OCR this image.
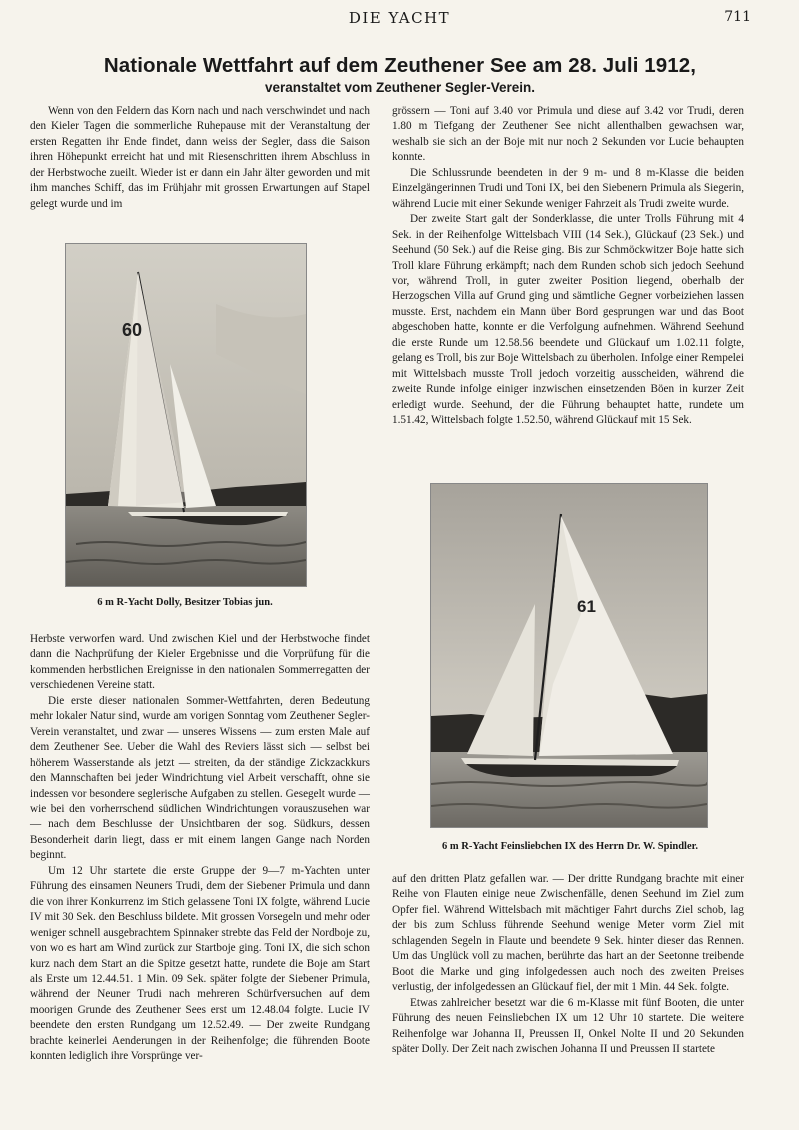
DIE YACHT	711
Nationale Wettfahrt auf dem Zeuthener See am 28. Juli 1912,
veranstaltet vom Zeuthener Segler-Verein.

Wenn von den Feldern das Korn nach und nach verschwindet und nach den Kieler Tagen die sommerliche Ruhepause mit der Veranstaltung der ersten Regatten ihr Ende findet, dann weiss der Segler, dass die Saison ihren Höhepunkt erreicht hat und mit Riesenschritten ihrem Abschluss in der Herbstwoche zueilt. Wieder ist er dann ein Jahr älter geworden und mit ihm manches Schiff, das im Frühjahr mit grossen Erwartungen auf Stapel gelegt wurde und im

60
6 m R-Yacht Dolly, Besitzer Tobias jun.

Herbste verworfen ward. Und zwischen Kiel und der Herbstwoche findet dann die Nachprüfung der Kieler Ergebnisse und die Vorprüfung für die kommenden herbstlichen Ereignisse in den nationalen Sommerregatten der verschiedenen Vereine statt.

Die erste dieser nationalen Sommer-Wettfahrten, deren Bedeutung mehr lokaler Natur sind, wurde am vorigen Sonntag vom Zeuthener Segler-Verein veranstaltet, und zwar — unseres Wissens — zum ersten Male auf dem Zeuthener See. Ueber die Wahl des Reviers lässt sich — selbst bei höherem Wasserstande als jetzt — streiten, da der ständige Zickzackkurs den Mannschaften bei jeder Windrichtung viel Arbeit verschafft, ohne sie indessen vor besondere seglerische Aufgaben zu stellen. Gesegelt wurde — wie bei den vorherrschend südlichen Windrichtungen vorauszusehen war — nach dem Beschlusse der Unsichtbaren der sog. Südkurs, dessen Besonderheit darin liegt, dass er mit einem langen Gange nach Norden beginnt.

Um 12 Uhr startete die erste Gruppe der 9—7 m-Yachten unter Führung des einsamen Neuners Trudi, dem der Siebener Primula und dann die von ihrer Konkurrenz im Stich gelassene Toni IX folgte, während Lucie IV mit 30 Sek. den Beschluss bildete. Mit grossen Vorsegeln und mehr oder weniger schnell ausgebrachtem Spinnaker strebte das Feld der Nordboje zu, von wo es hart am Wind zurück zur Startboje ging. Toni IX, die sich schon kurz nach dem Start an die Spitze gesetzt hatte, rundete die Boje am Start als Erste um 12.44.51. 1 Min. 09 Sek. später folgte der Siebener Primula, während der Neuner Trudi nach mehreren Schürfversuchen auf dem moorigen Grunde des Zeuthener Sees erst um 12.48.04 folgte. Lucie IV beendete den ersten Rundgang um 12.52.49. — Der zweite Rundgang brachte keinerlei Aenderungen in der Reihenfolge; die führenden Boote konnten lediglich ihre Vorsprünge ver-

grössern — Toni auf 3.40 vor Primula und diese auf 3.42 vor Trudi, deren 1.80 m Tiefgang der Zeuthener See nicht allenthalben gewachsen war, weshalb sie sich an der Boje mit nur noch 2 Sekunden vor Lucie behaupten konnte.

Die Schlussrunde beendeten in der 9 m- und 8 m-Klasse die beiden Einzelgängerinnen Trudi und Toni IX, bei den Siebenern Primula als Siegerin, während Lucie mit einer Sekunde weniger Fahrzeit als Trudi zweite wurde.

Der zweite Start galt der Sonderklasse, die unter Trolls Führung mit 4 Sek. in der Reihenfolge Wittelsbach VIII (14 Sek.), Glückauf (23 Sek.) und Seehund (50 Sek.) auf die Reise ging. Bis zur Schmöckwitzer Boje hatte sich Troll klare Führung erkämpft; nach dem Runden schob sich jedoch Seehund vor, während Troll, in guter zweiter Position liegend, oberhalb der Herzogschen Villa auf Grund ging und sämtliche Gegner vorbeiziehen lassen musste. Erst, nachdem ein Mann über Bord gesprungen war und das Boot abgeschoben hatte, konnte er die Verfolgung aufnehmen. Während Seehund die erste Runde um 12.58.56 beendete und Glückauf um 1.02.11 folgte, gelang es Troll, bis zur Boje Wittelsbach zu überholen. Infolge einer Rempelei mit Wittelsbach musste Troll jedoch vorzeitig ausscheiden, während die zweite Runde infolge einiger inzwischen einsetzenden Böen in kurzer Zeit erledigt wurde. Seehund, der die Führung behauptet hatte, rundete um 1.51.42, Wittelsbach folgte 1.52.50, während Glückauf mit 15 Sek.

61
6 m R-Yacht Feinsliebchen IX des Herrn Dr. W. Spindler.

auf den dritten Platz gefallen war. — Der dritte Rundgang brachte mit einer Reihe von Flauten einige neue Zwischenfälle, denen Seehund im Ziel zum Opfer fiel. Während Wittelsbach mit mächtiger Fahrt durchs Ziel schob, lag der bis zum Schluss führende Seehund wenige Meter vorm Ziel mit schlagenden Segeln in Flaute und beendete 9 Sek. hinter dieser das Rennen. Um das Unglück voll zu machen, berührte das hart an der Seetonne treibende Boot die Marke und ging infolgedessen auch noch des zweiten Preises verlustig, der infolgedessen an Glückauf fiel, der mit 1 Min. 44 Sek. folgte.

Etwas zahlreicher besetzt war die 6 m-Klasse mit fünf Booten, die unter Führung des neuen Feinsliebchen IX um 12 Uhr 10 startete. Die weitere Reihenfolge war Johanna II, Preussen II, Onkel Nolte II und 20 Sekunden später Dolly. Der Zeit nach zwischen Johanna II und Preussen II startete
